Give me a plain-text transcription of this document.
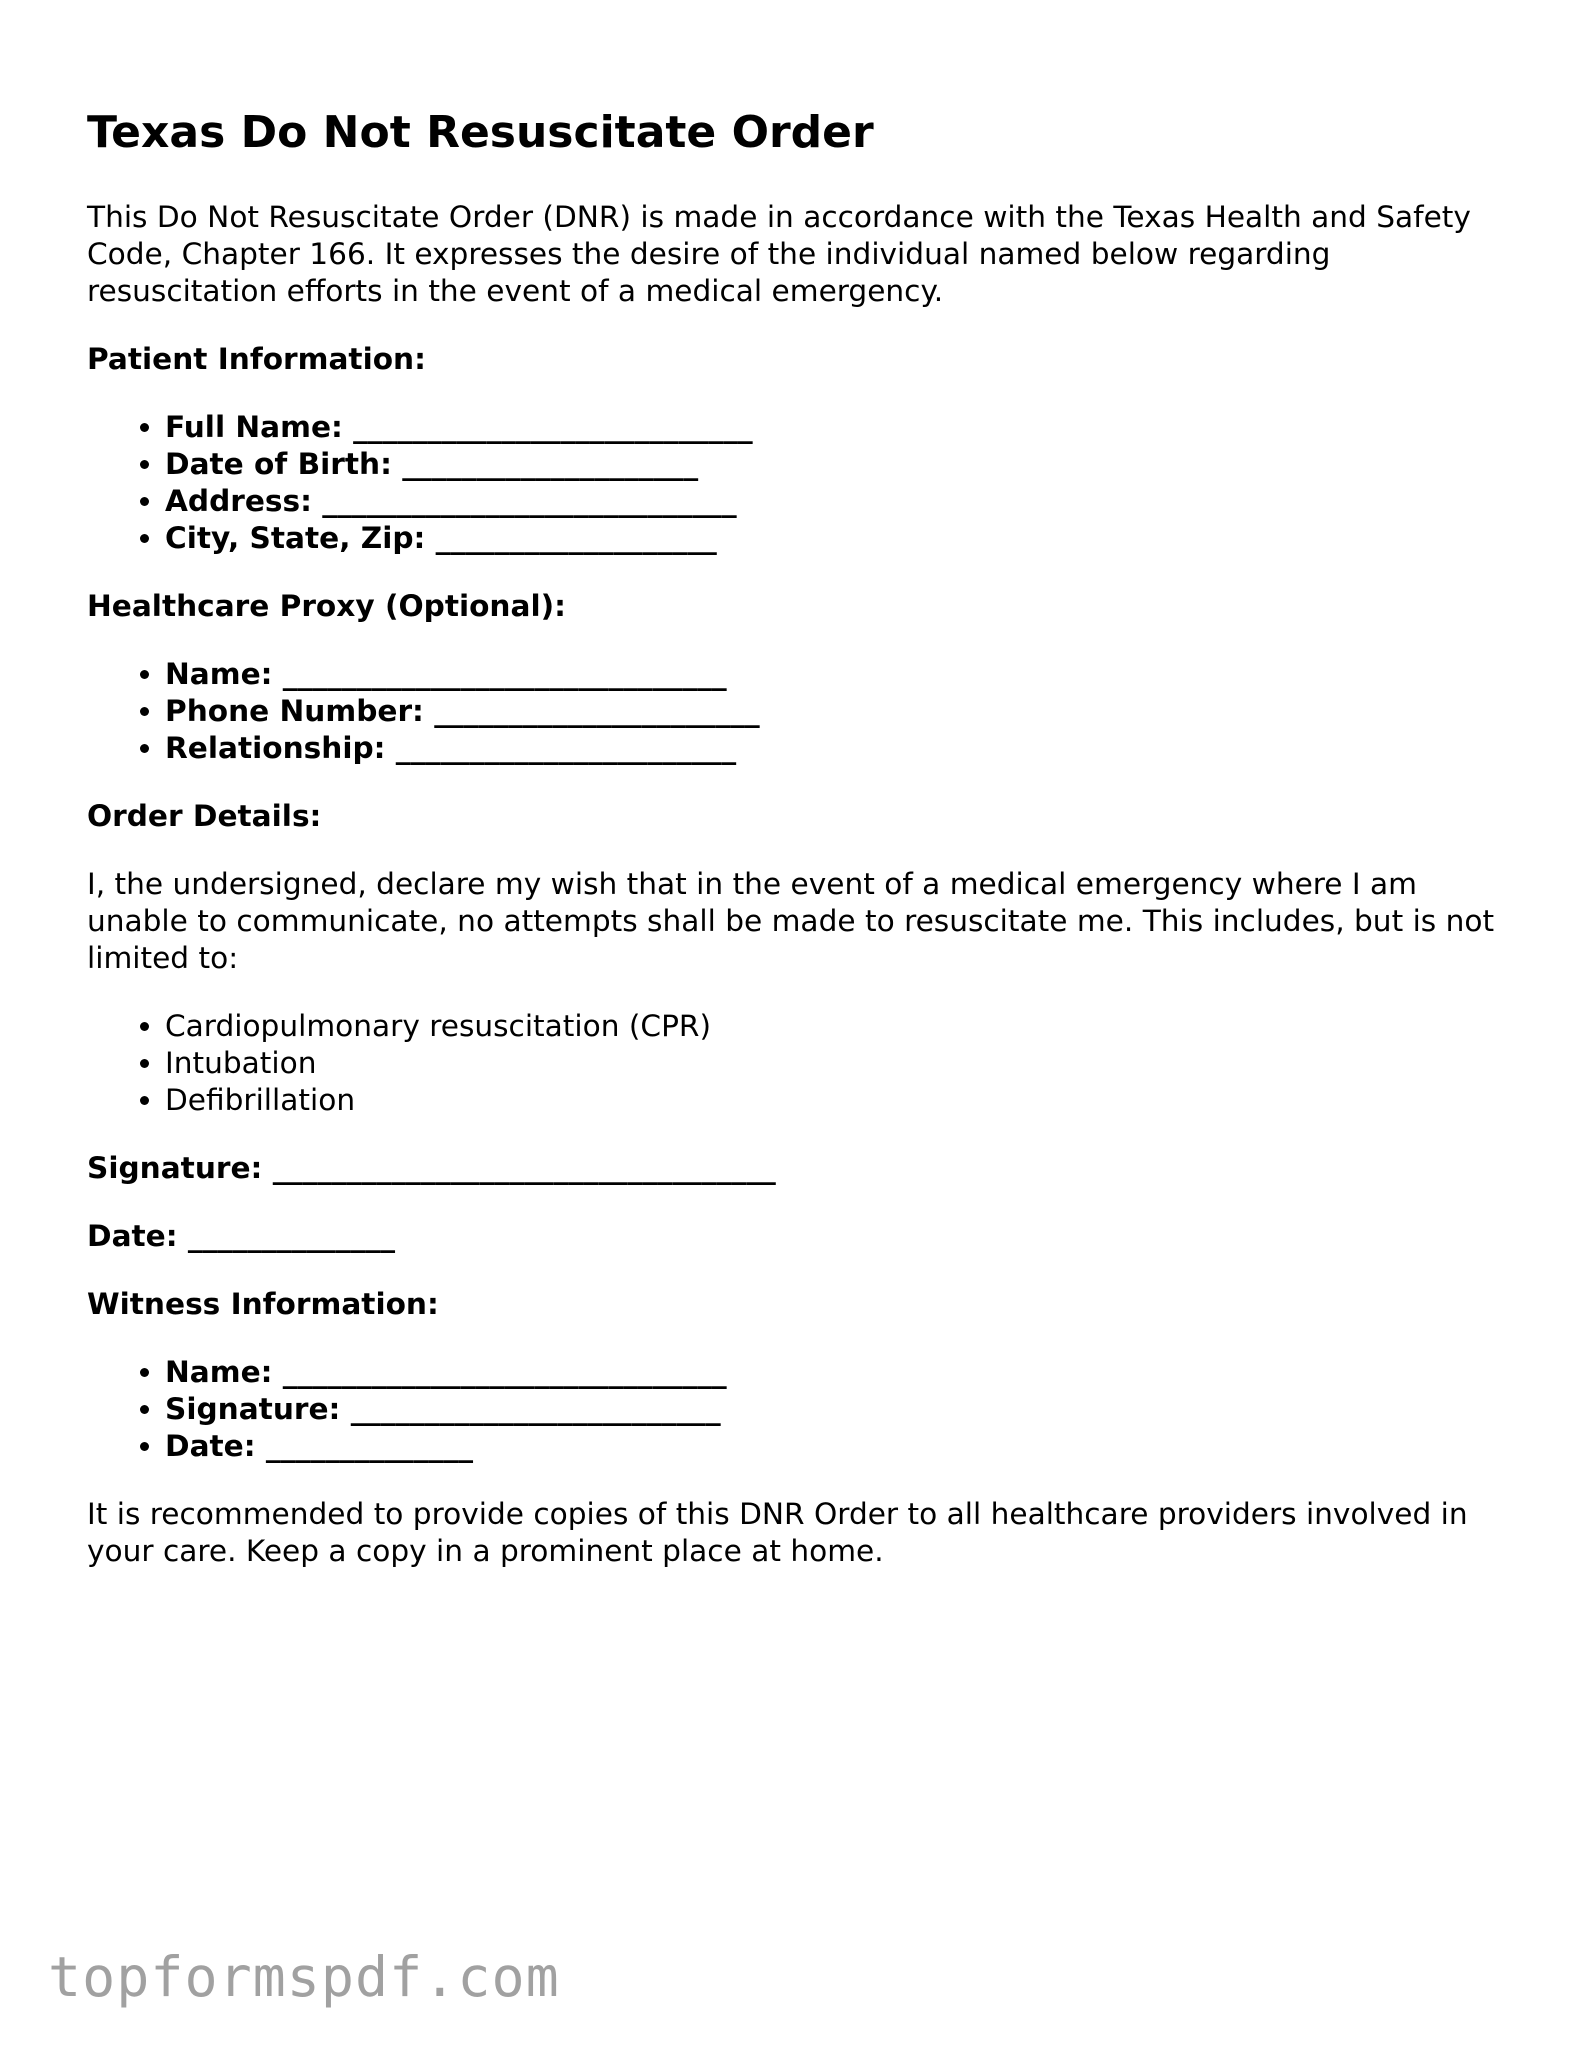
Texas Do Not Resuscitate Order

This Do Not Resuscitate Order (DNR) is made in accordance with the Texas Health and Safety Code, Chapter 166. It expresses the desire of the individual named below regarding resuscitation efforts in the event of a medical emergency.

Patient Information:

• Full Name: ___________________________
• Date of Birth: ____________________
• Address: ____________________________
• City, State, Zip: ___________________

Healthcare Proxy (Optional):

• Name: ______________________________
• Phone Number: ______________________
• Relationship: _______________________

Order Details:

I, the undersigned, declare my wish that in the event of a medical emergency where I am unable to communicate, no attempts shall be made to resuscitate me. This includes, but is not limited to:

• Cardiopulmonary resuscitation (CPR)
• Intubation
• Defibrillation

Signature: __________________________________

Date: ______________

Witness Information:

• Name: ______________________________
• Signature: _________________________
• Date: ______________

It is recommended to provide copies of this DNR Order to all healthcare providers involved in your care. Keep a copy in a prominent place at home.

topformspdf.com
